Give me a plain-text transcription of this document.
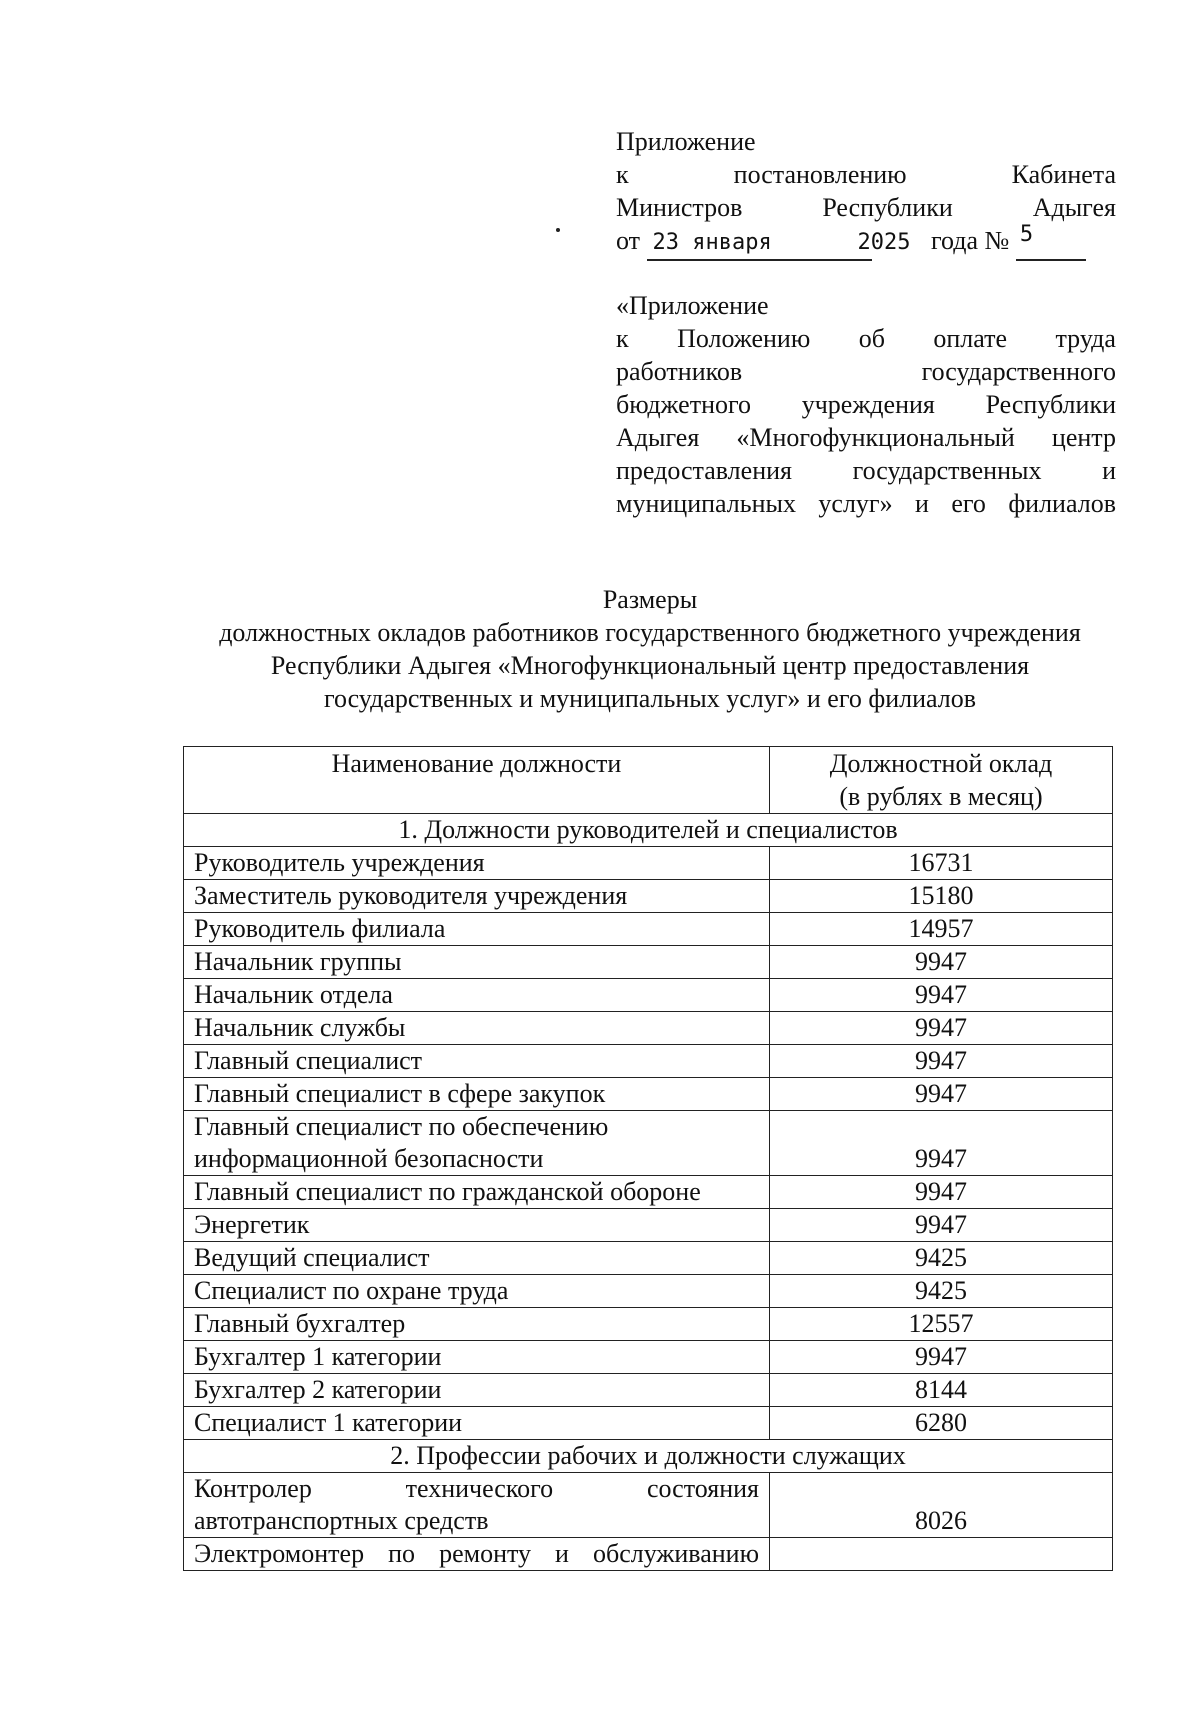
Приложение
к	постановлению	Кабинета
Министров	Республики	Адыгея
от 23 января	2025 года № $^5$
«Приложение
к Положению об оплате труда
работников	государственного
бюджетного учреждения Республики
Адыгея «Многофункциональный центр
предоставления государственных и
муниципальных услуг» и его филиалов
Размеры
должностных окладов работников государственного бюджетного учреждения
Республики Адыгея «Многофункциональный центр предоставления
государственных и муниципальных услуг» и его филиалов
Наименование должности	Должностной оклад
(в рублях в месяц)

1. Должности руководителей и специалистов	
Руководитель учреждения	16731
Заместитель руководителя учреждения	15180
Руководитель филиала	14957
Начальник группы	9947
Начальник отдела	9947
Начальник службы	9947
Главный специалист	9947
Главный специалист в сфере закупок	9947

Главный специалист по обеспечению
информационной безопасности	9947
Главный специалист по гражданской обороне	9947
Энергетик	9947
Ведущий специалист	9425
Специалист по охране труда	9425
Главный бухгалтер	12557
Бухгалтер 1 категории	9947
Бухгалтер 2 категории	8144
Специалист 1 категории	6280
2. Профессии рабочих и должности служащих	

Контролер технического состояния
автотранспортных средств	8026
Электромонтер по ремонту и обслуживанию	
